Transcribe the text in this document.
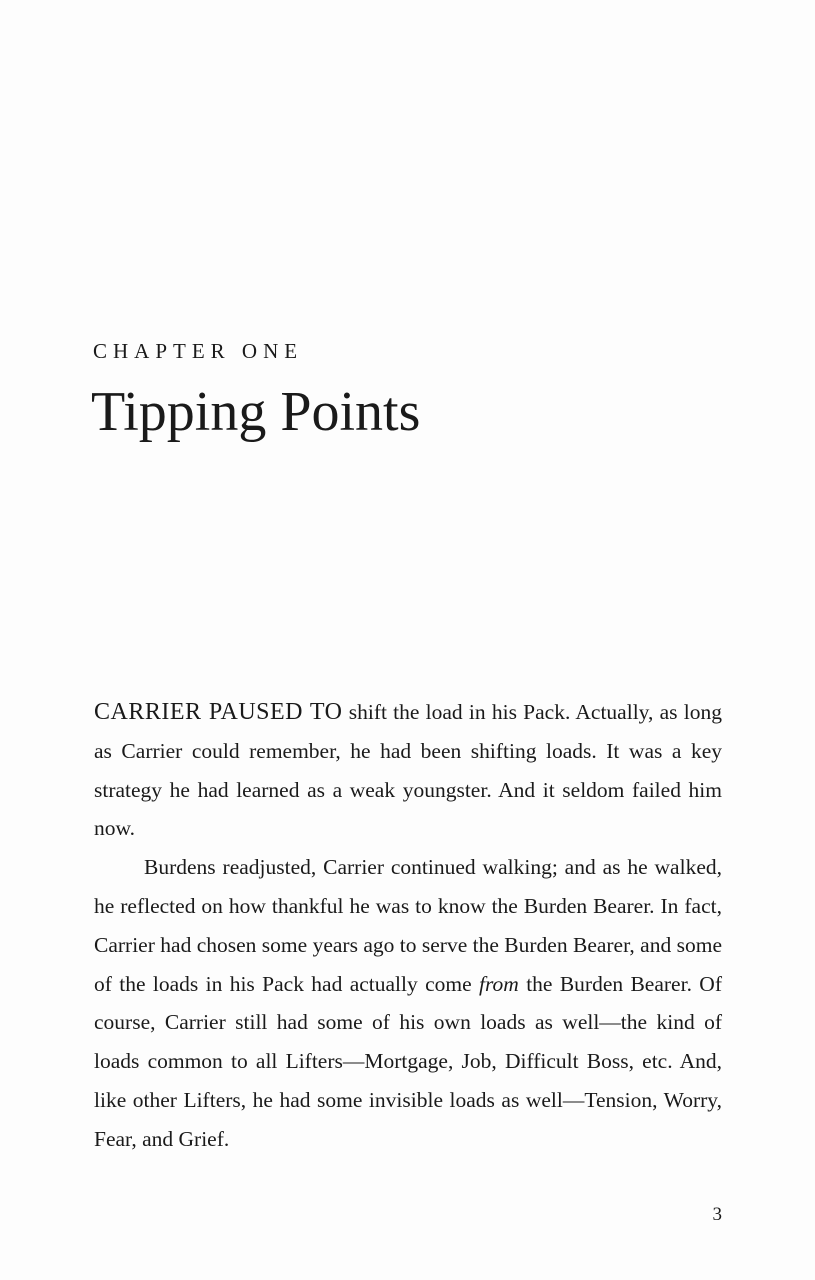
CHAPTER ONE
Tipping Points

CARRIER PAUSED TO shift the load in his Pack. Actually, as long as Carrier could remember, he had been shifting loads. It was a key strategy he had learned as a weak youngster. And it seldom failed him now.

Burdens readjusted, Carrier continued walking; and as he walked, he reflected on how thankful he was to know the Burden Bearer. In fact, Carrier had chosen some years ago to serve the Burden Bearer, and some of the loads in his Pack had actually come from the Burden Bearer. Of course, Carrier still had some of his own loads as well—the kind of loads common to all Lifters—Mortgage, Job, Difficult Boss, etc. And, like other Lifters, he had some invisible loads as well—Tension, Worry, Fear, and Grief.

3
